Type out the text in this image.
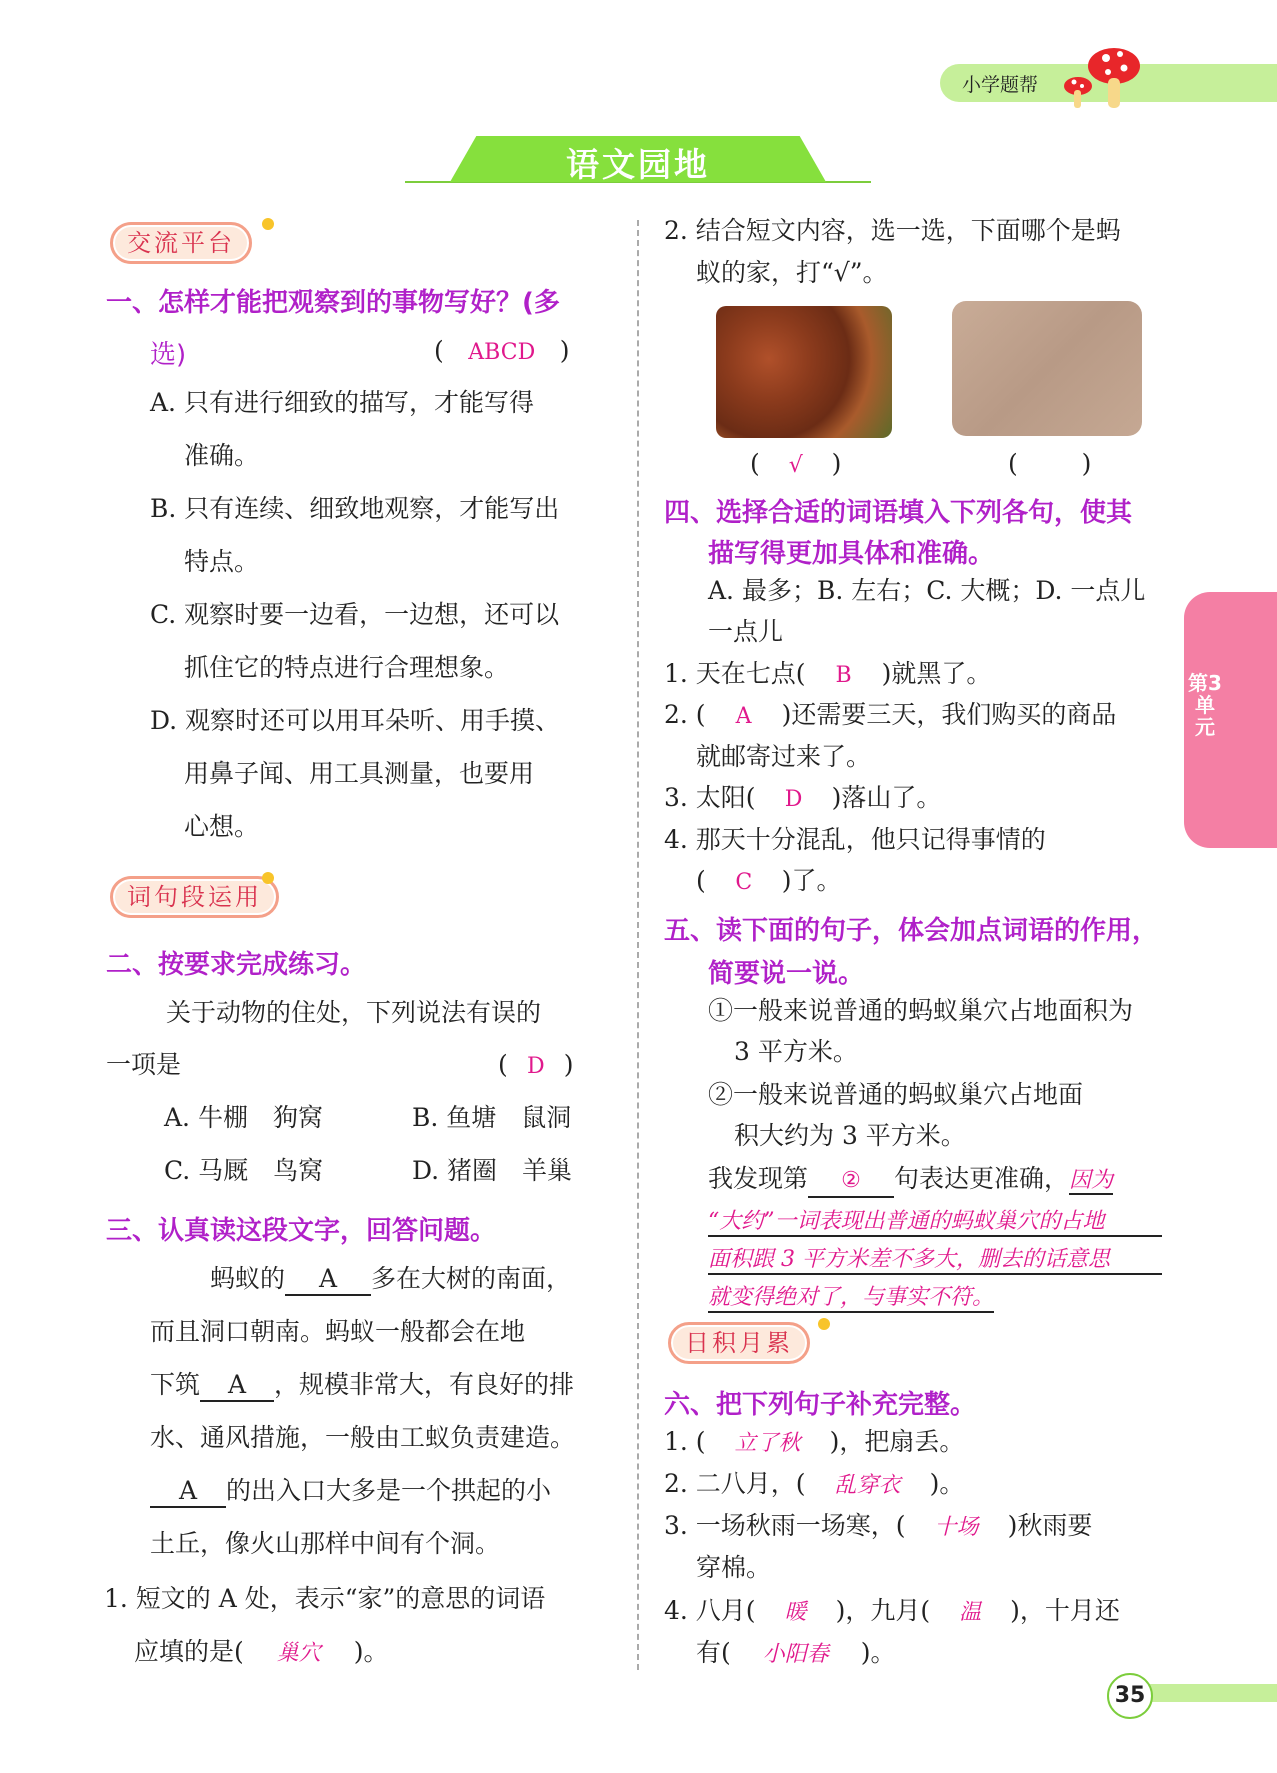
小学题帮
语文园地
交流平台
一、怎样才能把观察到的事物写好？(多
选)	( ABCD )
A. 只有进行细致的描写，才能写得
准确。
B. 只有连续、细致地观察，才能写出
特点。
C. 观察时要一边看，一边想，还可以
抓住它的特点进行合理想象。
D. 观察时还可以用耳朵听、用手摸、
用鼻子闻、用工具测量，也要用
心想。
词句段运用
二、按要求完成练习。
关于动物的住处，下列说法有误的
一项是	( D )
A. 牛棚　狗窝	B. 鱼塘　鼠洞
C. 马厩　鸟窝	D. 猪圈　羊巢
三、认真读这段文字，回答问题。
蚂蚁的 A 多在大树的南面，
而且洞口朝南。蚂蚁一般都会在地
下筑 A ，规模非常大，有良好的排
水、通风措施，一般由工蚁负责建造。
A 的出入口大多是一个拱起的小
土丘，像火山那样中间有个洞。
1. 短文的 A 处，表示“家”的意思的词语
应填的是( 巢穴 )。
2. 结合短文内容，选一选，下面哪个是蚂
蚁的家，打“√”。
( √ )	(  )
四、选择合适的词语填入下列各句，使其
描写得更加具体和准确。
A. 最多；B. 左右；C. 大概；D. 一点儿
一点儿
1. 天在七点( B )就黑了。
2. ( A )还需要三天，我们购买的商品
就邮寄过来了。
3. 太阳( D )落山了。
4. 那天十分混乱，他只记得事情的
( C )了。
五、读下面的句子，体会加点词语的作用，
简要说一说。
①一般来说普通的蚂蚁巢穴占地面积为
3 平方米。
②一般来说普通的蚂蚁巢穴占地面
积大约为 3 平方米。
我发现第 ② 句表达更准确，因为
“大约”一词表现出普通的蚂蚁巢穴的占地
面积跟 3 平方米差不多大，删去的话意思
就变得绝对了，与事实不符。
日积月累
六、把下列句子补充完整。
1. ( 立了秋 )，把扇丢。
2. 二八月，( 乱穿衣 )。
3. 一场秋雨一场寒，( 十场 )秋雨要
穿棉。
4. 八月( 暖 )，九月( 温 )，十月还
有( 小阳春 )。
第3单元
35
